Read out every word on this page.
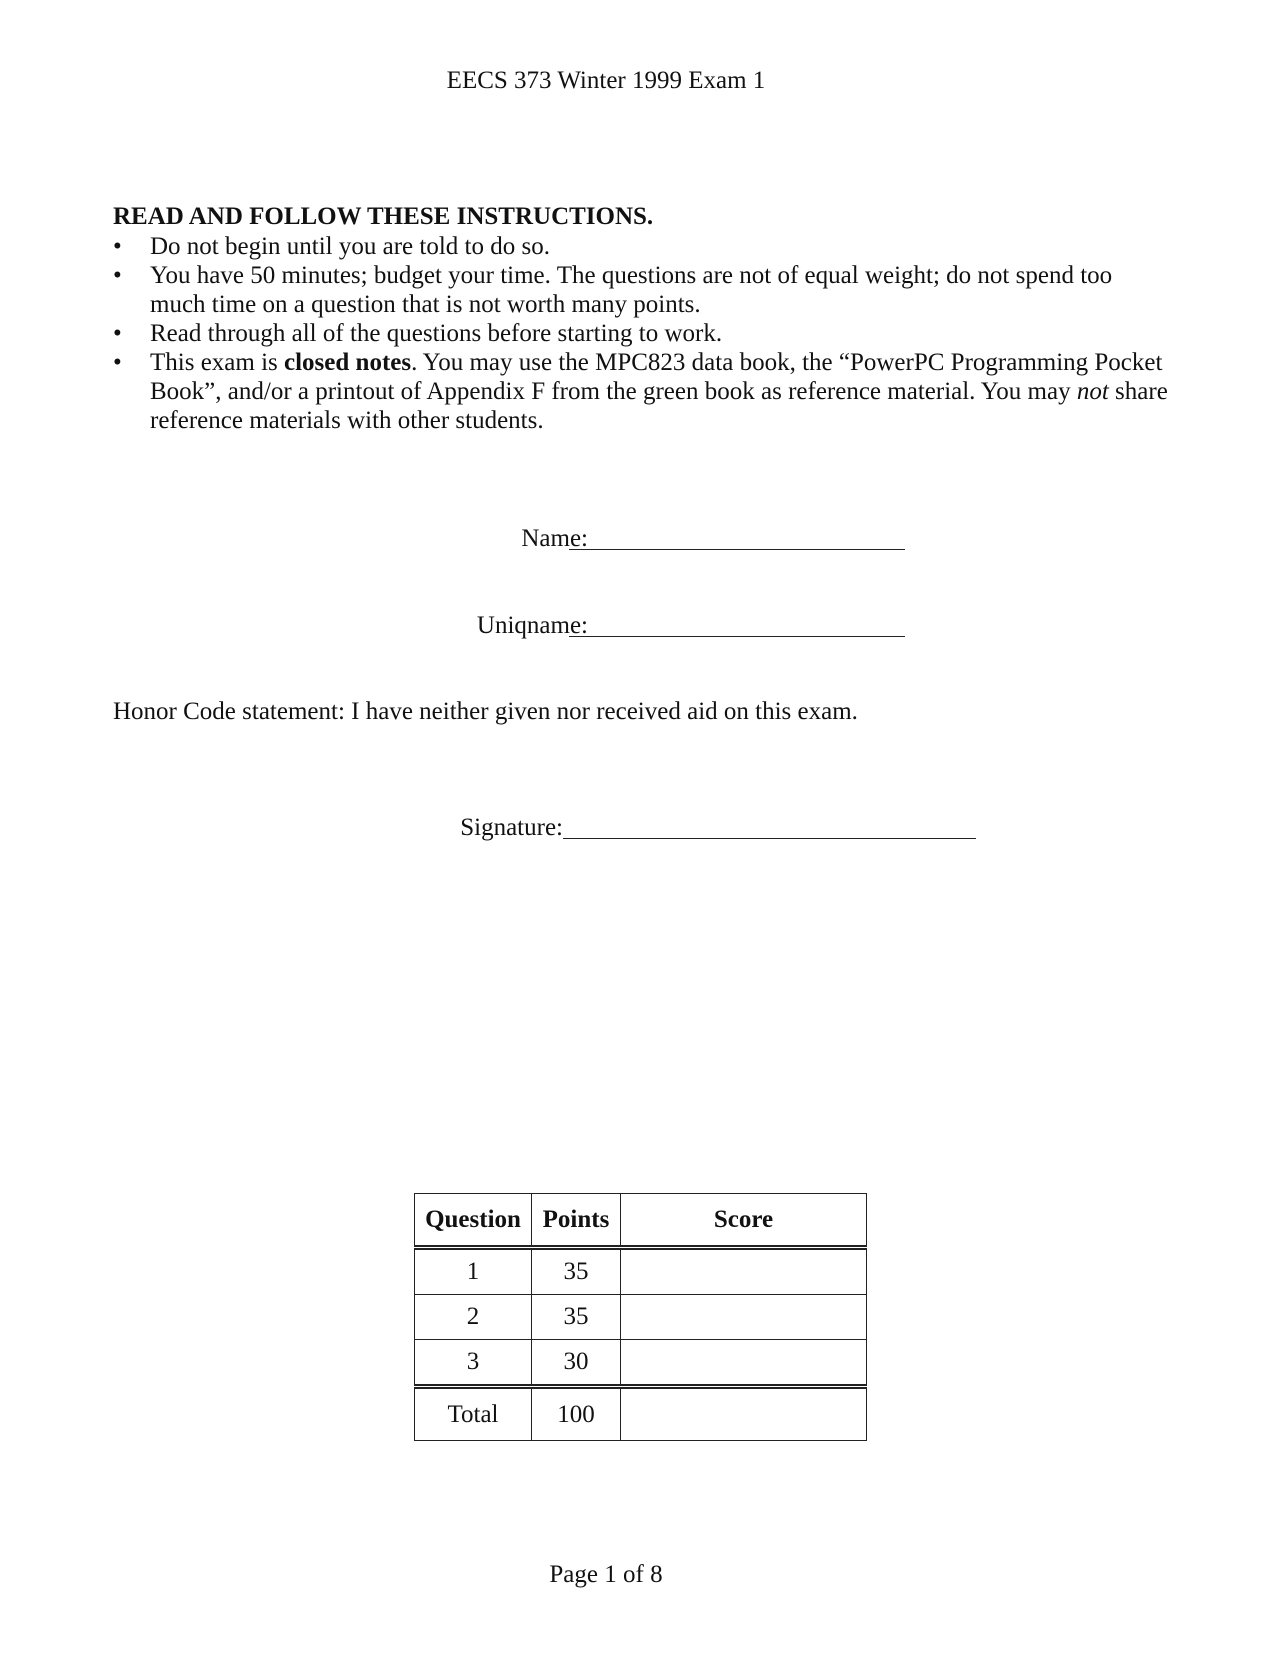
EECS 373 Winter 1999 Exam 1
READ AND FOLLOW THESE INSTRUCTIONS.
• Do not begin until you are told to do so.
• You have 50 minutes; budget your time. The questions are not of equal weight; do not spend too much time on a question that is not worth many points.
• Read through all of the questions before starting to work.
• This exam is closed notes. You may use the MPC823 data book, the “PowerPC Programming Pocket Book”, and/or a printout of Appendix F from the green book as reference material. You may not share reference materials with other students.
Name:
Uniqname:
Honor Code statement: I have neither given nor received aid on this exam.
Signature:
Question	Points	Score
1	35	
2	35	
3	30	
Total	100	
Page 1 of 8
